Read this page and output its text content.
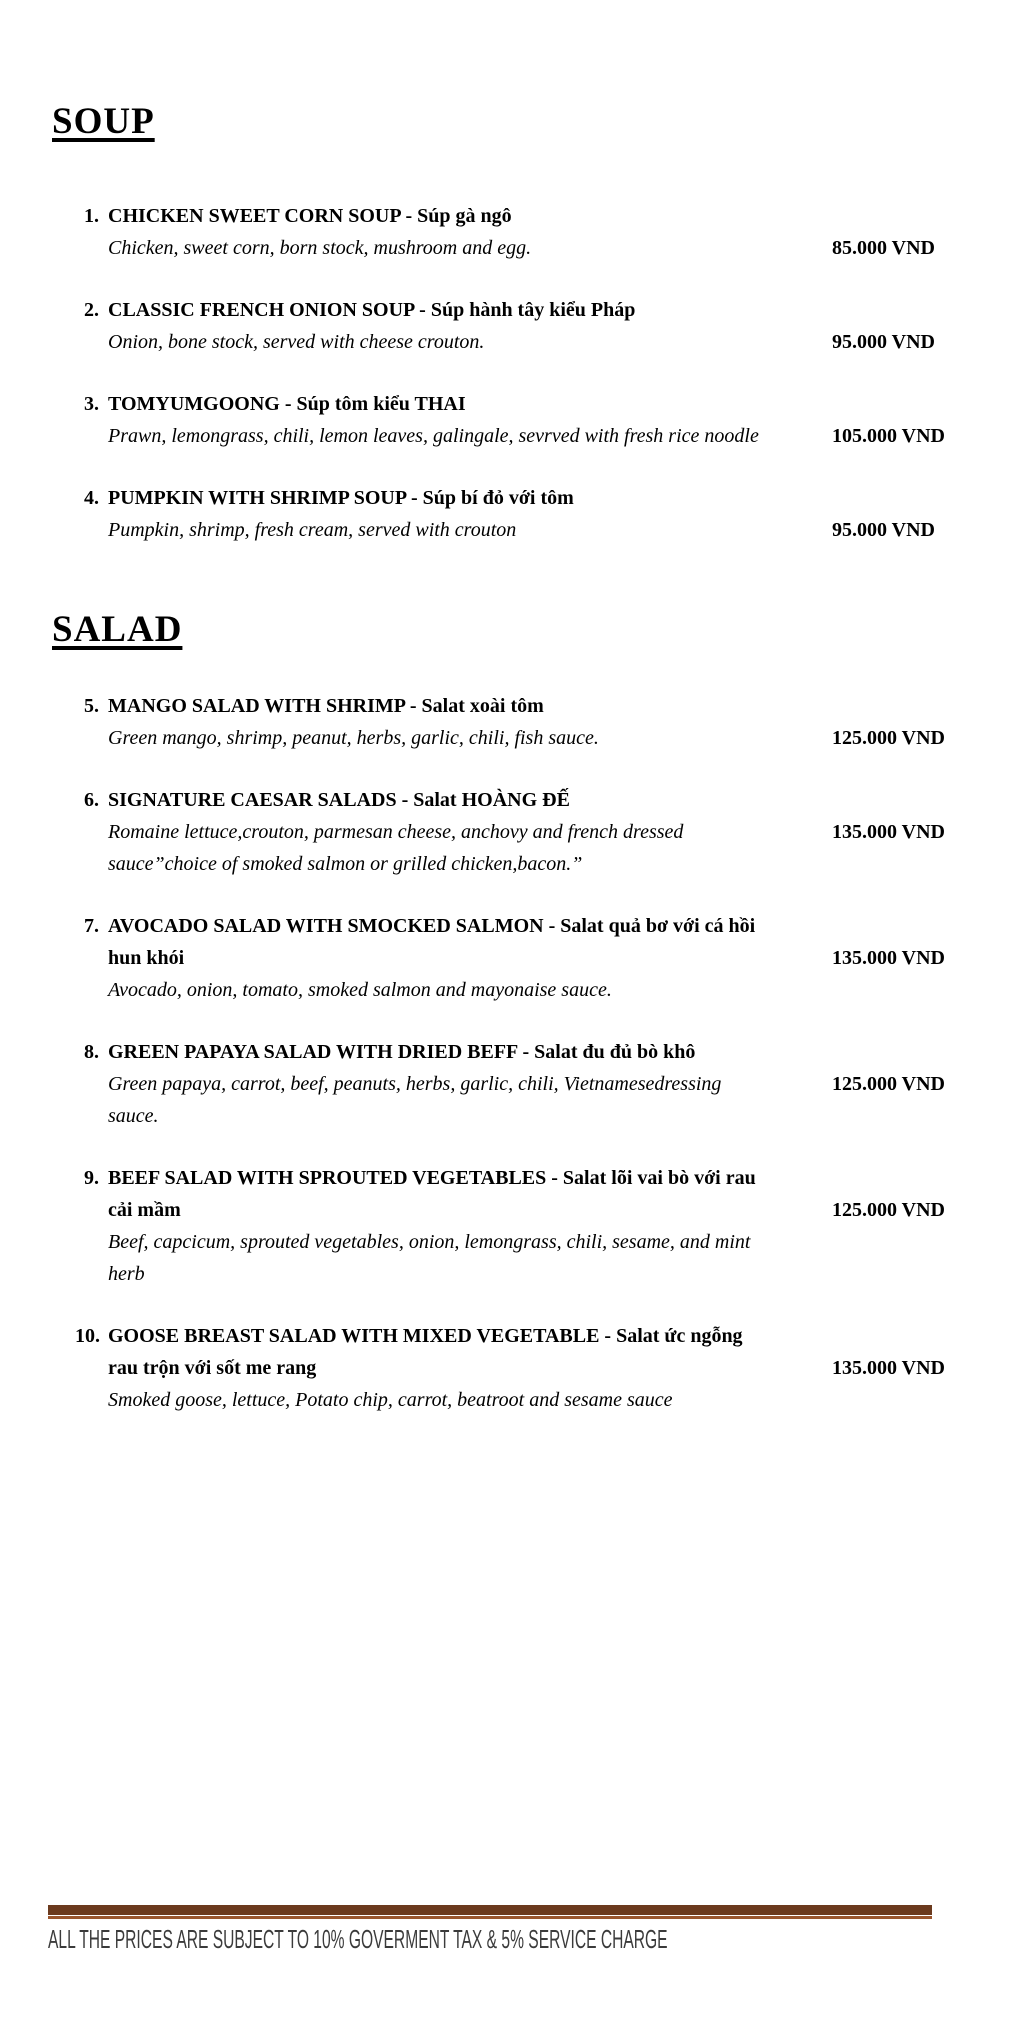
SOUP
1. CHICKEN SWEET CORN SOUP - Súp gà ngô
Chicken, sweet corn, born stock, mushroom and egg.	85.000 VND
2. CLASSIC FRENCH ONION SOUP - Súp hành tây kiểu Pháp
Onion, bone stock, served with cheese crouton.	95.000 VND
3. TOMYUMGOONG - Súp tôm kiểu THAI
Prawn, lemongrass, chili, lemon leaves, galingale, sevrved with fresh rice noodle	105.000 VND
4. PUMPKIN WITH SHRIMP SOUP - Súp bí đỏ với tôm
Pumpkin, shrimp, fresh cream, served with crouton	95.000 VND
SALAD
5. MANGO SALAD WITH SHRIMP - Salat xoài tôm
Green mango, shrimp, peanut, herbs, garlic, chili, fish sauce.	125.000 VND
6. SIGNATURE CAESAR SALADS - Salat HOÀNG ĐẾ
Romaine lettuce,crouton, parmesan cheese, anchovy and french dressed
sauce”choice of smoked salmon or grilled chicken,bacon.”
135.000 VND
7. AVOCADO SALAD WITH SMOCKED SALMON - Salat quả bơ với cá hồi
hun khói
Avocado, onion, tomato, smoked salmon and mayonaise sauce.
135.000 VND
8. GREEN PAPAYA SALAD WITH DRIED BEFF - Salat đu đủ bò khô
Green papaya, carrot, beef, peanuts, herbs, garlic, chili, Vietnamesedressing
sauce.
125.000 VND
9. BEEF SALAD WITH SPROUTED VEGETABLES - Salat lõi vai bò với rau
cải mầm
Beef, capcicum, sprouted vegetables, onion, lemongrass, chili, sesame, and mint
herb
125.000 VND
10. GOOSE BREAST SALAD WITH MIXED VEGETABLE - Salat ức ngỗng
rau trộn với sốt me rang
Smoked goose, lettuce, Potato chip, carrot, beatroot and sesame sauce
135.000 VND
ALL THE PRICES ARE SUBJECT TO 10% GOVERMENT TAX & 5% SERVICE CHARGE
